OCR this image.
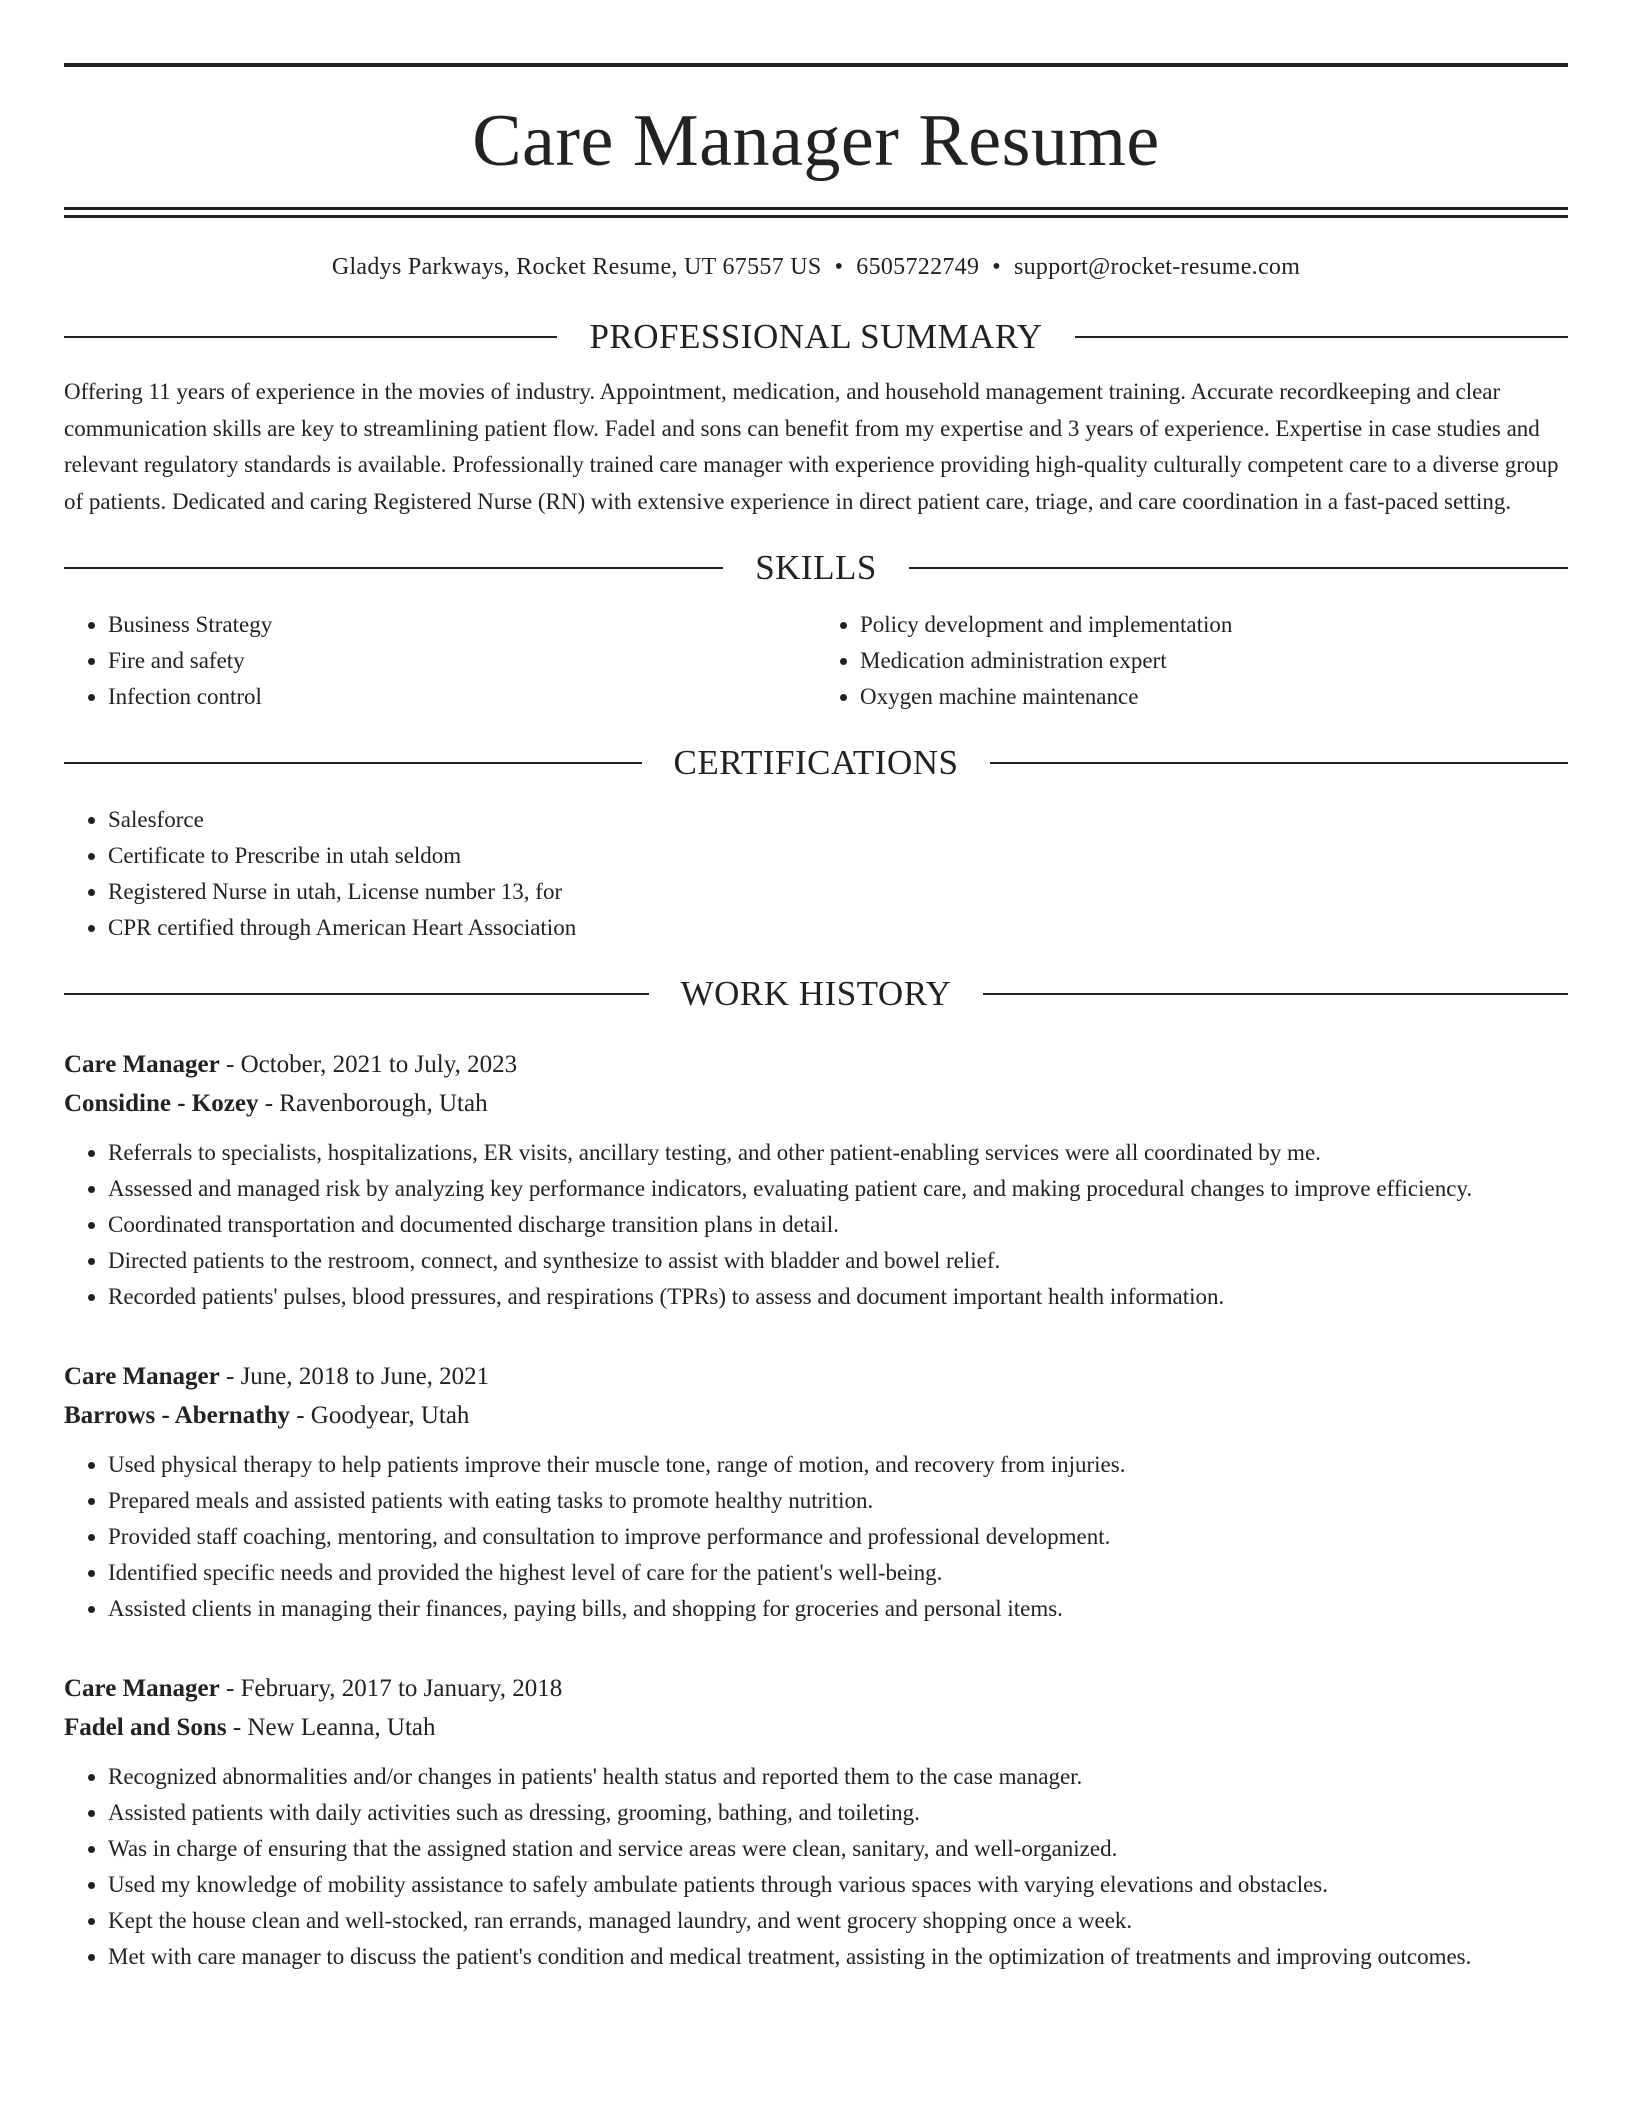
Care Manager Resume
Gladys Parkways, Rocket Resume, UT 67557 US • 6505722749 • support@rocket-resume.com
PROFESSIONAL SUMMARY
Offering 11 years of experience in the movies of industry. Appointment, medication, and household management training. Accurate recordkeeping and clear communication skills are key to streamlining patient flow. Fadel and sons can benefit from my expertise and 3 years of experience. Expertise in case studies and relevant regulatory standards is available. Professionally trained care manager with experience providing high-quality culturally competent care to a diverse group of patients. Dedicated and caring Registered Nurse (RN) with extensive experience in direct patient care, triage, and care coordination in a fast-paced setting.
SKILLS
• Business Strategy
• Fire and safety
• Infection control
• Policy development and implementation
• Medication administration expert
• Oxygen machine maintenance
CERTIFICATIONS
• Salesforce
• Certificate to Prescribe in utah seldom
• Registered Nurse in utah, License number 13, for
• CPR certified through American Heart Association
WORK HISTORY
Care Manager - October, 2021 to July, 2023
Considine - Kozey - Ravenborough, Utah
• Referrals to specialists, hospitalizations, ER visits, ancillary testing, and other patient-enabling services were all coordinated by me.
• Assessed and managed risk by analyzing key performance indicators, evaluating patient care, and making procedural changes to improve efficiency.
• Coordinated transportation and documented discharge transition plans in detail.
• Directed patients to the restroom, connect, and synthesize to assist with bladder and bowel relief.
• Recorded patients' pulses, blood pressures, and respirations (TPRs) to assess and document important health information.
Care Manager - June, 2018 to June, 2021
Barrows - Abernathy - Goodyear, Utah
• Used physical therapy to help patients improve their muscle tone, range of motion, and recovery from injuries.
• Prepared meals and assisted patients with eating tasks to promote healthy nutrition.
• Provided staff coaching, mentoring, and consultation to improve performance and professional development.
• Identified specific needs and provided the highest level of care for the patient's well-being.
• Assisted clients in managing their finances, paying bills, and shopping for groceries and personal items.
Care Manager - February, 2017 to January, 2018
Fadel and Sons - New Leanna, Utah
• Recognized abnormalities and/or changes in patients' health status and reported them to the case manager.
• Assisted patients with daily activities such as dressing, grooming, bathing, and toileting.
• Was in charge of ensuring that the assigned station and service areas were clean, sanitary, and well-organized.
• Used my knowledge of mobility assistance to safely ambulate patients through various spaces with varying elevations and obstacles.
• Kept the house clean and well-stocked, ran errands, managed laundry, and went grocery shopping once a week.
• Met with care manager to discuss the patient's condition and medical treatment, assisting in the optimization of treatments and improving outcomes.
